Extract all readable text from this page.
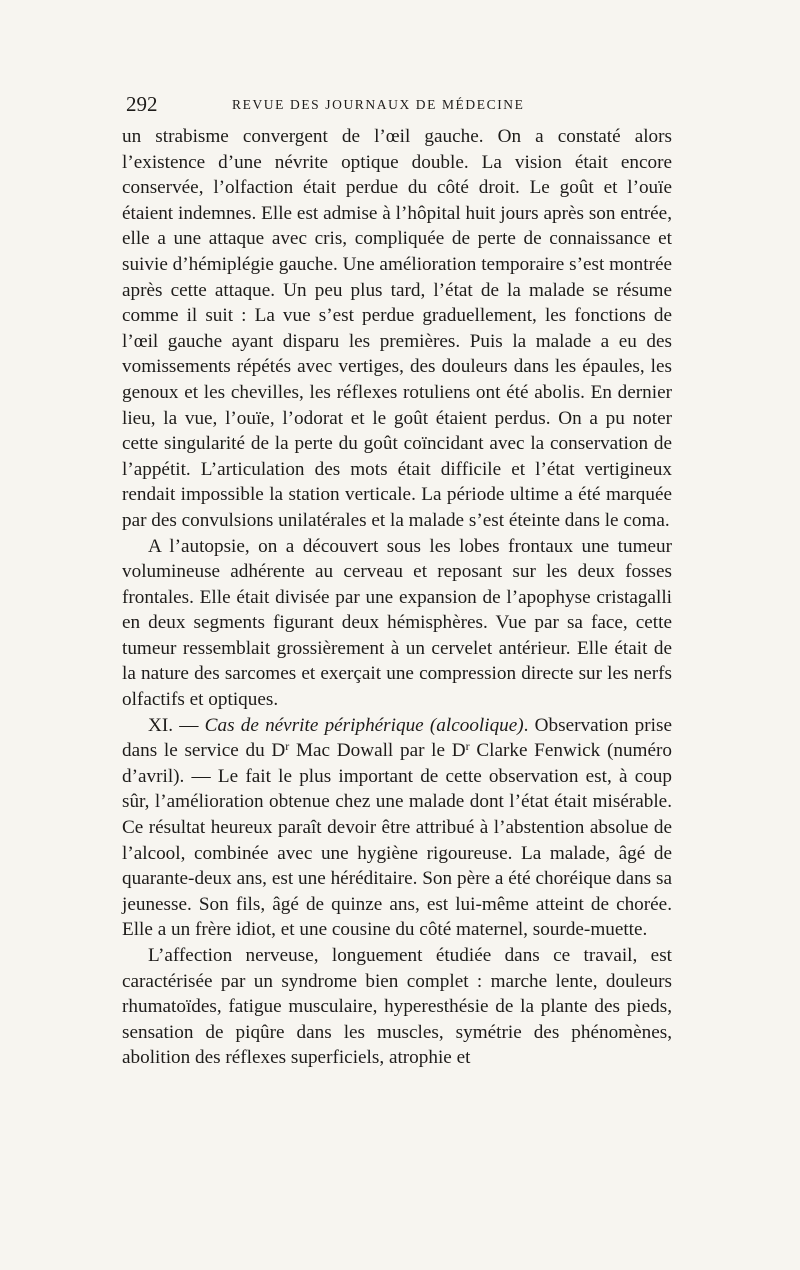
292	REVUE DES JOURNAUX DE MÉDECINE

un strabisme convergent de l’œil gauche. On a constaté alors l’existence d’une névrite optique double. La vision était encore conservée, l’olfaction était perdue du côté droit. Le goût et l’ouïe étaient indemnes. Elle est admise à l’hôpital huit jours après son entrée, elle a une attaque avec cris, compliquée de perte de connaissance et suivie d’hémiplégie gauche. Une amélioration temporaire s’est montrée après cette attaque. Un peu plus tard, l’état de la malade se résume comme il suit : La vue s’est perdue graduellement, les fonctions de l’œil gauche ayant disparu les premières. Puis la malade a eu des vomissements répétés avec vertiges, des douleurs dans les épaules, les genoux et les chevilles, les réflexes rotuliens ont été abolis. En dernier lieu, la vue, l’ouïe, l’odorat et le goût étaient perdus. On a pu noter cette singularité de la perte du goût coïncidant avec la conservation de l’appétit. L’articulation des mots était difficile et l’état vertigineux rendait impossible la station verticale. La période ultime a été marquée par des convulsions unilatérales et la malade s’est éteinte dans le coma.

A l’autopsie, on a découvert sous les lobes frontaux une tumeur volumineuse adhérente au cerveau et reposant sur les deux fosses frontales. Elle était divisée par une expansion de l’apophyse cristagalli en deux segments figurant deux hémisphères. Vue par sa face, cette tumeur ressemblait grossièrement à un cervelet antérieur. Elle était de la nature des sarcomes et exerçait une compression directe sur les nerfs olfactifs et optiques.

XI. — Cas de névrite périphérique (alcoolique). Observation prise dans le service du $D^r$ Mac Dowall par le $D^r$ Clarke Fenwick (numéro d’avril). — Le fait le plus important de cette observation est, à coup sûr, l’amélioration obtenue chez une malade dont l’état était misérable. Ce résultat heureux paraît devoir être attribué à l’abstention absolue de l’alcool, combinée avec une hygiène rigoureuse. La malade, âgé de quarante-deux ans, est une héréditaire. Son père a été choréique dans sa jeunesse. Son fils, âgé de quinze ans, est lui-même atteint de chorée. Elle a un frère idiot, et une cousine du côté maternel, sourde-muette.

L’affection nerveuse, longuement étudiée dans ce travail, est caractérisée par un syndrome bien complet : marche lente, douleurs rhumatoïdes, fatigue musculaire, hyperesthésie de la plante des pieds, sensation de piqûre dans les muscles, symétrie des phénomènes, abolition des réflexes superficiels, atrophie et
